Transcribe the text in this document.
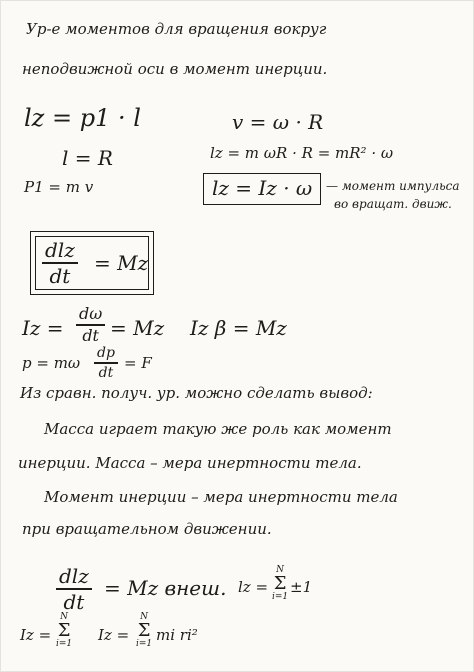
Ур-е моментов для вращения вокруг
неподвижной оси в момент инерции.
lz = p1 · l
l = R
P1 = m v
v = ω · R
lz = m ωR · R = mR² · ω
lz = Iz · ω — момент импульса
во вращат. движ.
dlz
dt
= Mz
Iz =
dω
dt = Mz Iz β = Mz
p = mω
dp
dt
= F
Из сравн. получ. ур. можно сделать вывод:
Масса играет такую же роль как момент
инерции. Масса – мера инертности тела.
Момент инерции – мера инертности тела
при вращательном движении.
dlz
dt
= Mz внеш. lz =
N
Σ
i=1
±1
Iz =
N
Σ
i=1 Iz =
N
Σ
i=1 mi ri²
